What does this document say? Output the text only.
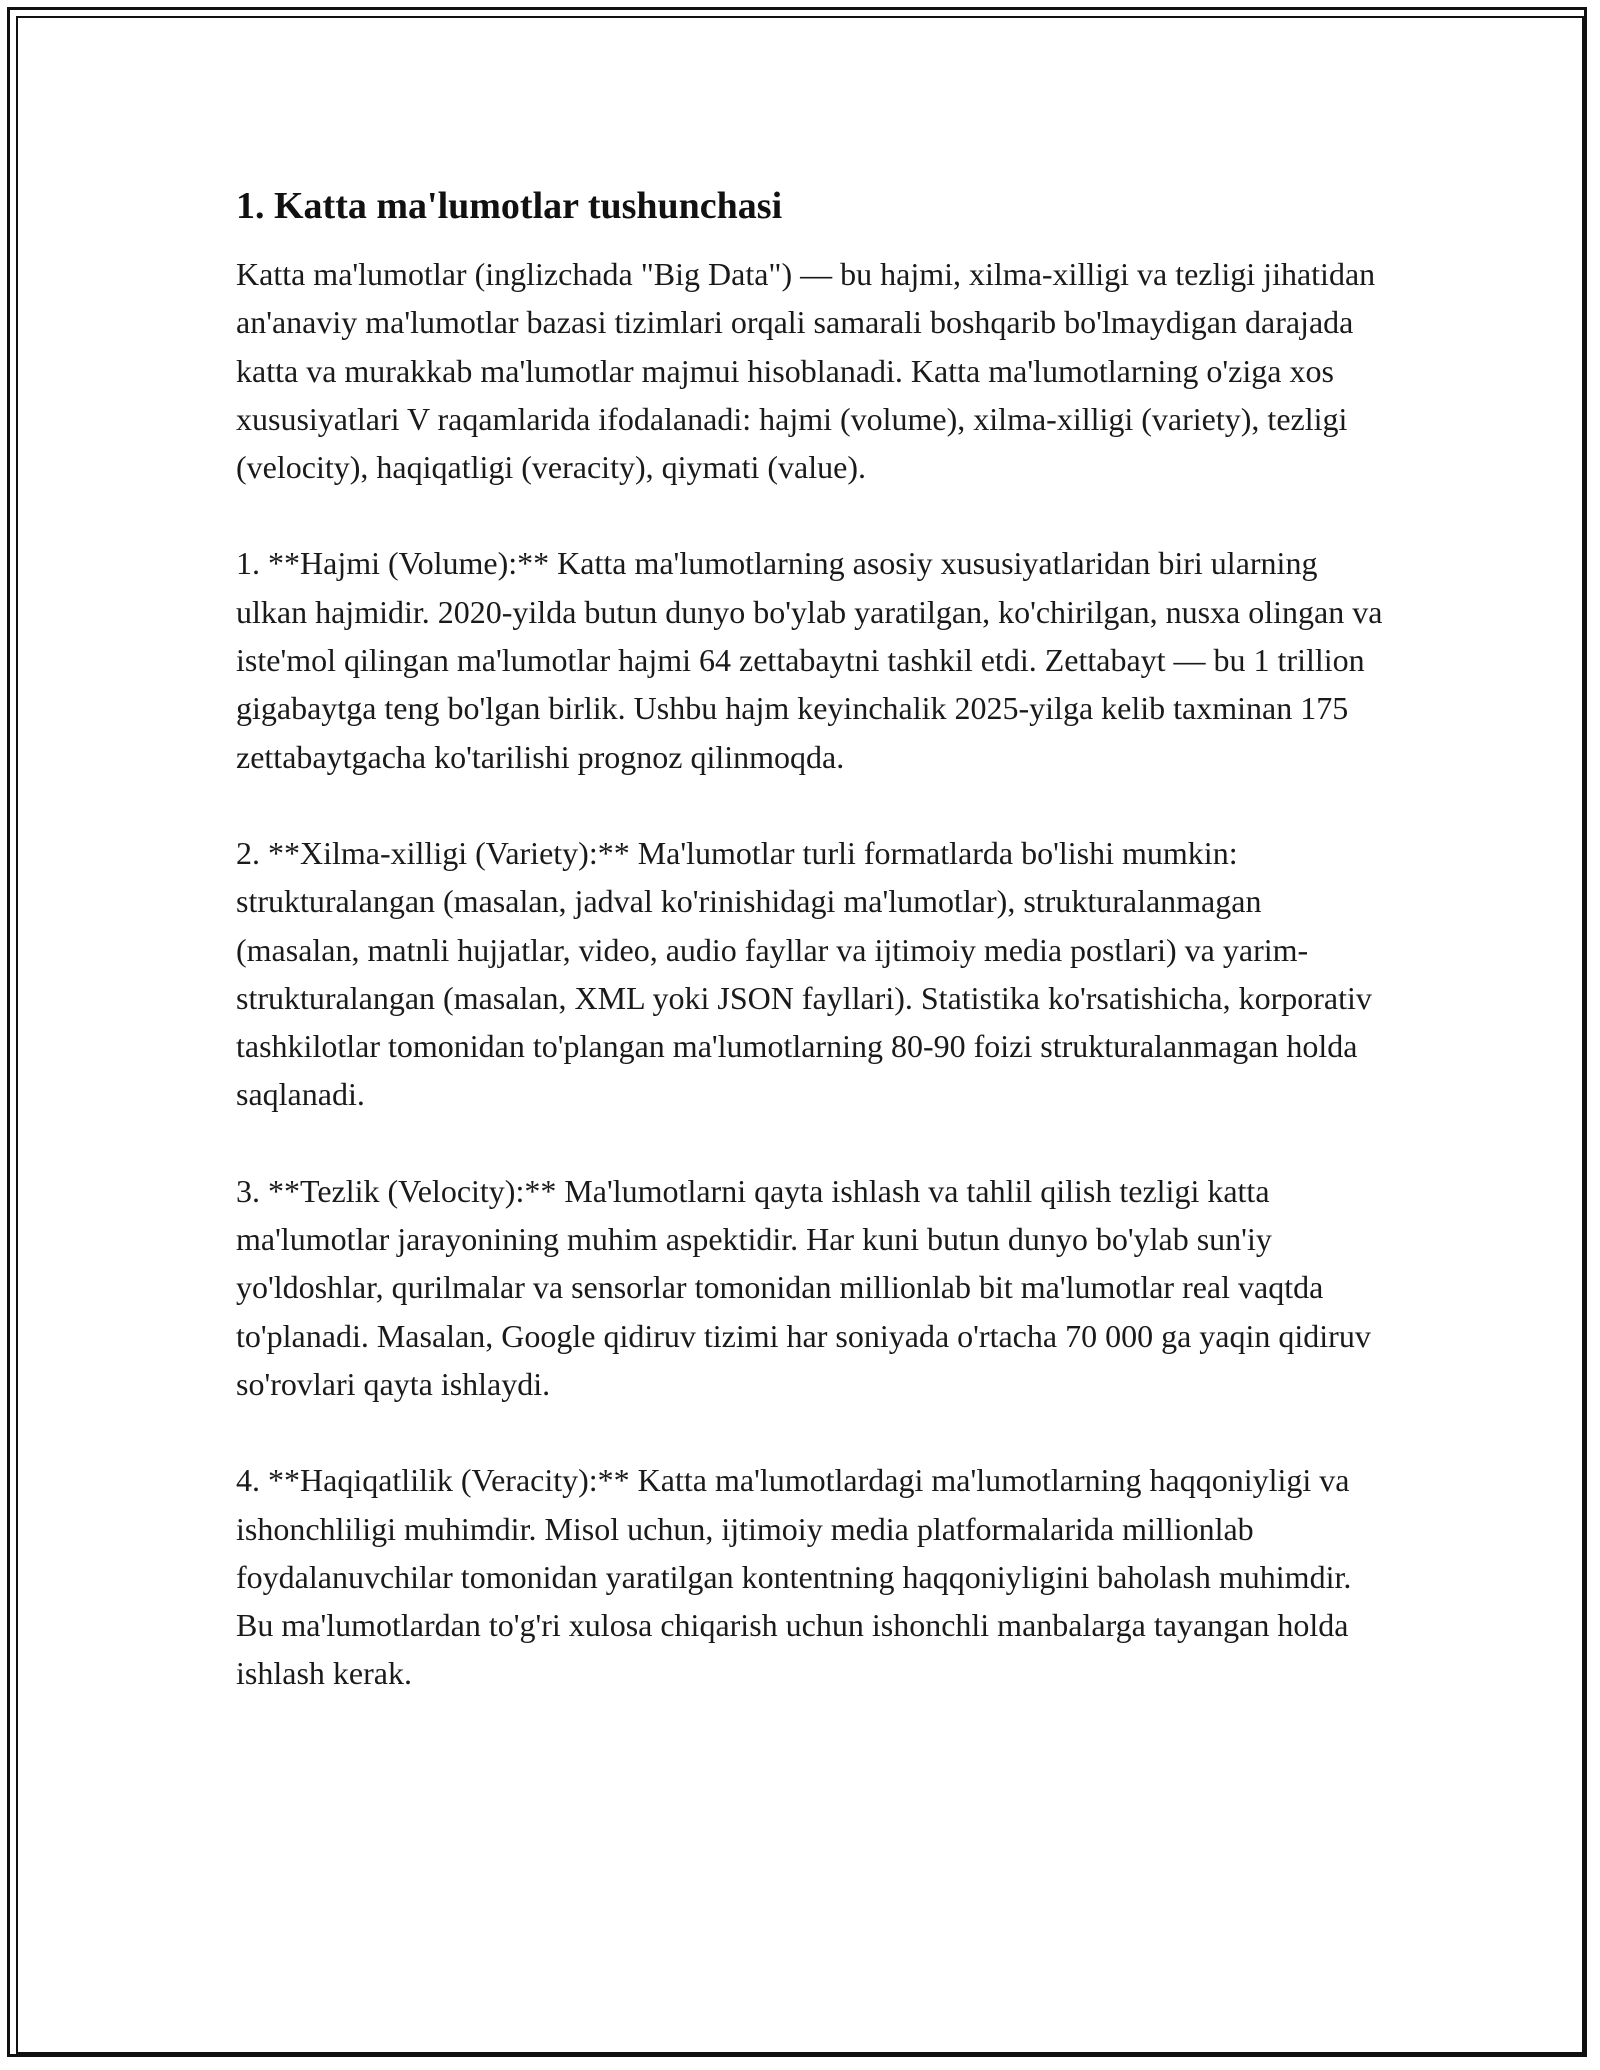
1. Katta ma'lumotlar tushunchasi

Katta ma'lumotlar (inglizchada "Big Data") — bu hajmi, xilma-xilligi va tezligi jihatidan an'anaviy ma'lumotlar bazasi tizimlari orqali samarali boshqarib bo'lmaydigan darajada katta va murakkab ma'lumotlar majmui hisoblanadi. Katta ma'lumotlarning o'ziga xos xususiyatlari V raqamlarida ifodalanadi: hajmi (volume), xilma-xilligi (variety), tezligi (velocity), haqiqatligi (veracity), qiymati (value).

1. **Hajmi (Volume):** Katta ma'lumotlarning asosiy xususiyatlaridan biri ularning ulkan hajmidir. 2020-yilda butun dunyo bo'ylab yaratilgan, ko'chirilgan, nusxa olingan va iste'mol qilingan ma'lumotlar hajmi 64 zettabaytni tashkil etdi. Zettabayt — bu 1 trillion gigabaytga teng bo'lgan birlik. Ushbu hajm keyinchalik 2025-yilga kelib taxminan 175 zettabaytgacha ko'tarilishi prognoz qilinmoqda.

2. **Xilma-xilligi (Variety):** Ma'lumotlar turli formatlarda bo'lishi mumkin: strukturalangan (masalan, jadval ko'rinishidagi ma'lumotlar), strukturalanmagan (masalan, matnli hujjatlar, video, audio fayllar va ijtimoiy media postlari) va yarim-strukturalangan (masalan, XML yoki JSON fayllari). Statistika ko'rsatishicha, korporativ tashkilotlar tomonidan to'plangan ma'lumotlarning 80-90 foizi strukturalanmagan holda saqlanadi.

3. **Tezlik (Velocity):** Ma'lumotlarni qayta ishlash va tahlil qilish tezligi katta ma'lumotlar jarayonining muhim aspektidir. Har kuni butun dunyo bo'ylab sun'iy yo'ldoshlar, qurilmalar va sensorlar tomonidan millionlab bit ma'lumotlar real vaqtda to'planadi. Masalan, Google qidiruv tizimi har soniyada o'rtacha 70 000 ga yaqin qidiruv so'rovlari qayta ishlaydi.

4. **Haqiqatlilik (Veracity):** Katta ma'lumotlardagi ma'lumotlarning haqqoniyligi va ishonchliligi muhimdir. Misol uchun, ijtimoiy media platformalarida millionlab foydalanuvchilar tomonidan yaratilgan kontentning haqqoniyligini baholash muhimdir. Bu ma'lumotlardan to'g'ri xulosa chiqarish uchun ishonchli manbalarga tayangan holda ishlash kerak.
